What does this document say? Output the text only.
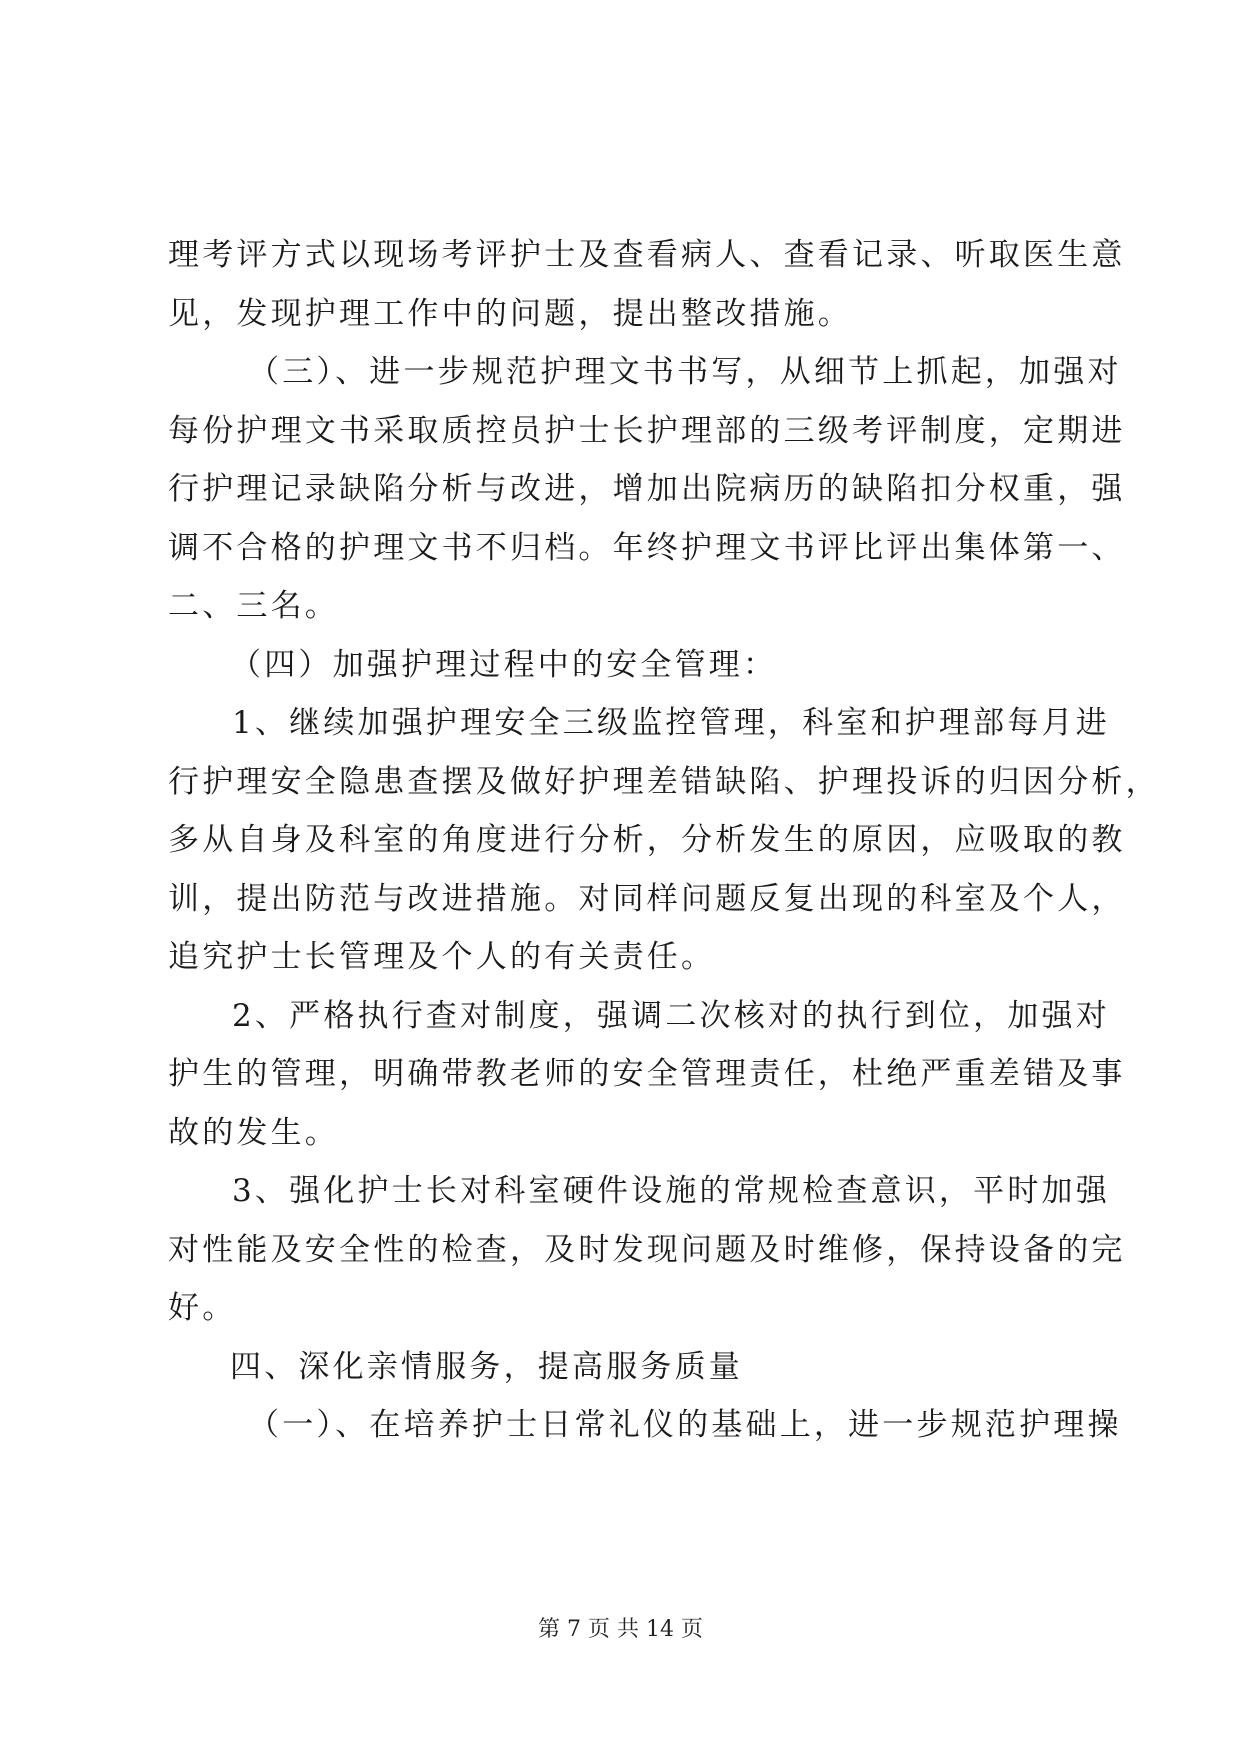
理考评方式以现场考评护士及查看病人、查看记录、听取医生意
见，发现护理工作中的问题，提出整改措施。
（三）、进一步规范护理文书书写，从细节上抓起，加强对
每份护理文书采取质控员护士长护理部的三级考评制度，定期进
行护理记录缺陷分析与改进，增加出院病历的缺陷扣分权重，强
调不合格的护理文书不归档。年终护理文书评比评出集体第一、
二、三名。
（四）加强护理过程中的安全管理：
1、继续加强护理安全三级监控管理，科室和护理部每月进
行护理安全隐患查摆及做好护理差错缺陷、护理投诉的归因分析，
多从自身及科室的角度进行分析，分析发生的原因，应吸取的教
训，提出防范与改进措施。对同样问题反复出现的科室及个人，
追究护士长管理及个人的有关责任。
2、严格执行查对制度，强调二次核对的执行到位，加强对
护生的管理，明确带教老师的安全管理责任，杜绝严重差错及事
故的发生。
3、强化护士长对科室硬件设施的常规检查意识，平时加强
对性能及安全性的检查，及时发现问题及时维修，保持设备的完
好。
四、深化亲情服务，提高服务质量
（一）、在培养护士日常礼仪的基础上，进一步规范护理操
第 7 页 共 14 页
